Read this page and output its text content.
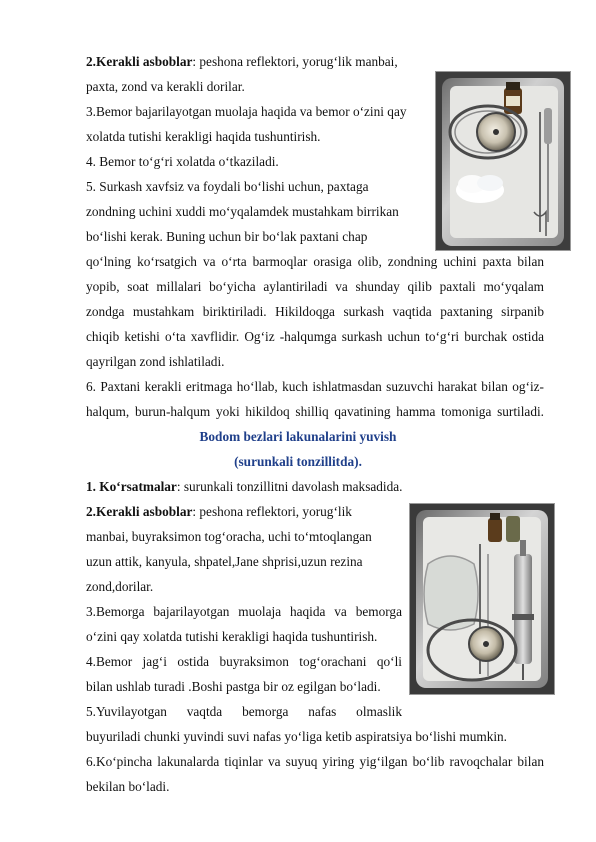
2.Kerakli asboblar: peshona reflektori, yorug‘lik manbai,
paxta, zond va kerakli dorilar.
3.Bemor bajarilayotgan muolaja haqida va bemor o‘zini qay
xolatda tutishi kerakligi haqida tushuntirish.
4. Bemor to‘g‘ri xolatda o‘tkaziladi.
5. Surkash xavfsiz va foydali bo‘lishi uchun, paxtaga
zondning uchini xuddi mo‘yqalamdek mustahkam birrikan
bo‘lishi kerak. Buning uchun bir bo‘lak paxtani chap
qo‘lning ko‘rsatgich va o‘rta barmoqlar orasiga olib, zondning uchini paxta bilan
yopib, soat millalari bo‘yicha aylantiriladi va shunday qilib paxtali mo‘yqalam
zondga mustahkam biriktiriladi. Hikildoqga surkash vaqtida paxtaning sirpanib
chiqib ketishi o‘ta xavflidir. Og‘iz -halqumga surkash uchun to‘g‘ri burchak ostida
qayrilgan zond ishlatiladi.
6. Paxtani kerakli eritmaga ho‘llab, kuch ishlatmasdan suzuvchi harakat bilan og‘iz-
halqum, burun-halqum yoki hikildoq shilliq qavatining hamma tomoniga surtiladi.
Bodom bezlari lakunalarini yuvish
(surunkali tonzillitda).
1. Ko‘rsatmalar: surunkali tonzillitni davolash maksadida.
2.Kerakli asboblar: peshona reflektori, yorug‘lik
manbai, buyraksimon tog‘oracha, uchi to‘mtoqlangan
uzun attik, kanyula, shpatel,Jane shprisi,uzun rezina
zond,dorilar.
3.Bemorga bajarilayotgan muolaja haqida va bemorga
o‘zini qay xolatda tutishi kerakligi haqida tushuntirish.
4.Bemor jag‘i ostida buyraksimon tog‘orachani qo‘li
bilan ushlab turadi .Boshi pastga bir oz egilgan bo‘ladi.
5.Yuvilayotgan vaqtda bemorga nafas olmaslik
buyuriladi chunki yuvindi suvi nafas yo‘liga ketib aspiratsiya bo‘lishi mumkin.
6.Ko‘pincha lakunalarda tiqinlar va suyuq yiring yig‘ilgan bo‘lib ravoqchalar bilan
bekilan bo‘ladi.
